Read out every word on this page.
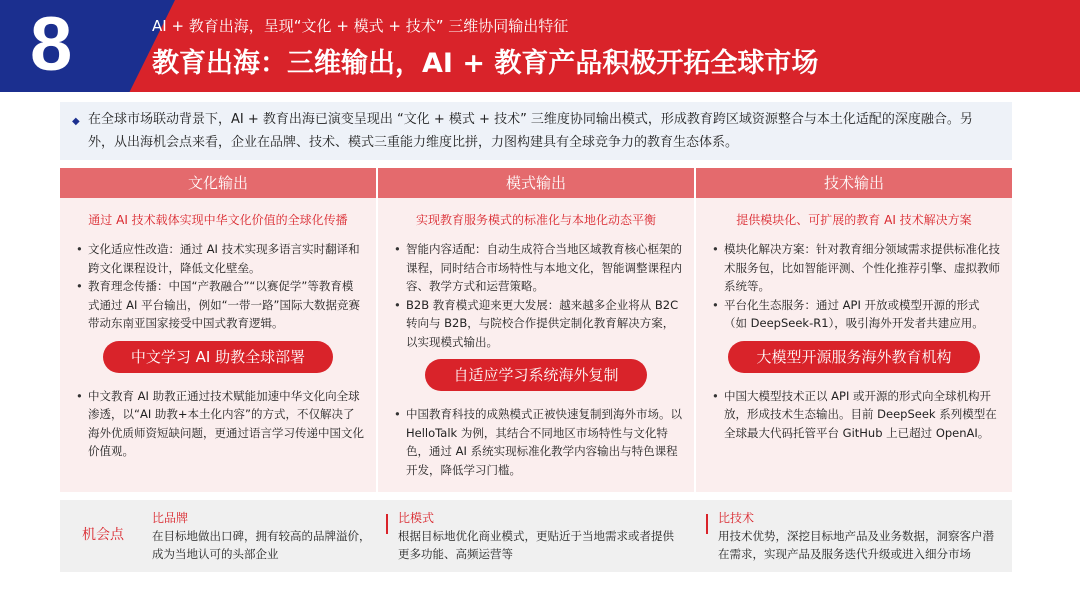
8	AI + 教育出海，呈现“文化 + 模式 + 技术” 三维协同输出特征
教育出海：三维输出，AI + 教育产品积极开拓全球市场
◆ 在全球市场联动背景下，AI + 教育出海已演变呈现出 “文化 + 模式 + 技术” 三维度协同输出模式，形成教育跨区域资源整合与本土化适配的深度融合。另外，从出海机会点来看，企业在品牌、技术、模式三重能力维度比拼，力图构建具有全球竞争力的教育生态体系。
文化输出
通过 AI 技术载体实现中华文化价值的全球化传播
• 文化适应性改造：通过 AI 技术实现多语言实时翻译和跨文化课程设计，降低文化壁垒。
• 教育理念传播：中国“产教融合”“以赛促学”等教育模式通过 AI 平台输出，例如“一带一路”国际大数据竞赛带动东南亚国家接受中国式教育逻辑。
中文学习 AI 助教全球部署
• 中文教育 AI 助教正通过技术赋能加速中华文化向全球渗透，以“AI 助教+本土化内容”的方式，不仅解决了海外优质师资短缺问题，更通过语言学习传递中国文化价值观。
模式输出
实现教育服务模式的标准化与本地化动态平衡
• 智能内容适配：自动生成符合当地区域教育核心框架的课程，同时结合市场特性与本地文化，智能调整课程内容、教学方式和运营策略。
• B2B 教育模式迎来更大发展：越来越多企业将从 B2C 转向与 B2B，与院校合作提供定制化教育解决方案，以实现模式输出。
自适应学习系统海外复制
• 中国教育科技的成熟模式正被快速复制到海外市场。以 HelloTalk 为例，其结合不同地区市场特性与文化特色，通过 AI 系统实现标准化教学内容输出与特色课程开发，降低学习门槛。
技术输出
提供模块化、可扩展的教育 AI 技术解决方案
• 模块化解决方案：针对教育细分领域需求提供标准化技术服务包，比如智能评测、个性化推荐引擎、虚拟教师系统等。
• 平台化生态服务：通过 API 开放或模型开源的形式（如 DeepSeek-R1），吸引海外开发者共建应用。
大模型开源服务海外教育机构
• 中国大模型技术正以 API 或开源的形式向全球机构开放，形成技术生态输出。目前 DeepSeek 系列模型在全球最大代码托管平台 GitHub 上已超过 OpenAI。
机会点
比品牌
在目标地做出口碑，拥有较高的品牌溢价，成为当地认可的头部企业
比模式
根据目标地优化商业模式，更贴近于当地需求或者提供更多功能、高频运营等
比技术
用技术优势，深挖目标地产品及业务数据，洞察客户潜在需求，实现产品及服务迭代升级或进入细分市场
